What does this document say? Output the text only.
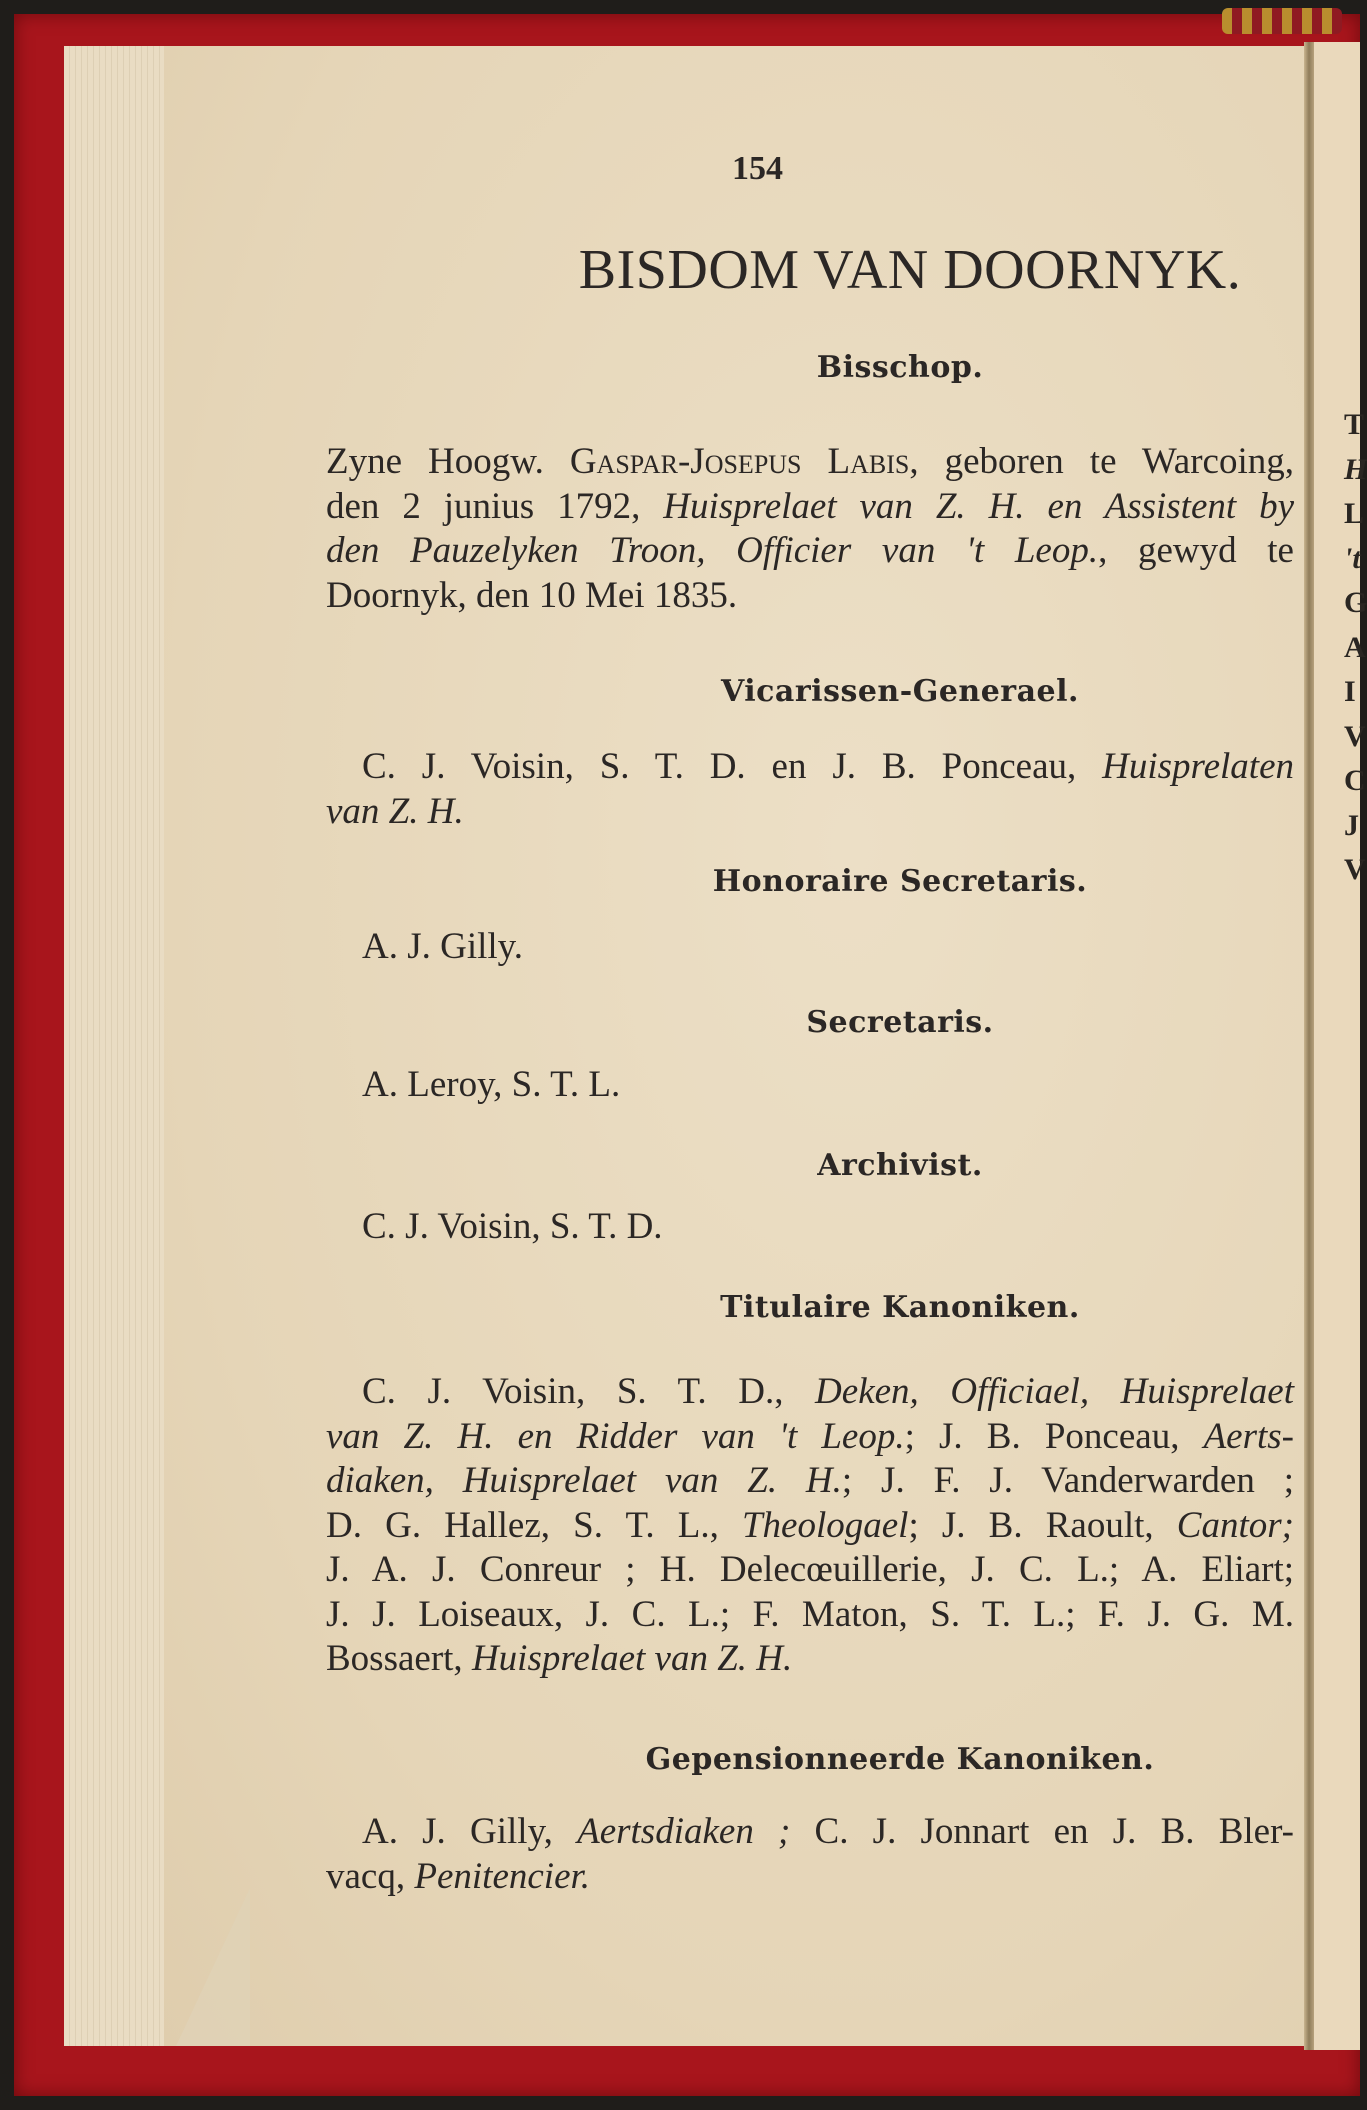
T
H
L
't
G
A
I
V
C
J
V
154
BISDOM VAN DOORNYK.
Bisschop.
Zyne Hoogw. Gaspar-Josepus Labis, geboren te Warcoing,
den 2 junius 1792, Huisprelaet van Z. H. en Assistent by
den Pauzelyken Troon, Officier van 't Leop., gewyd te
Doornyk, den 10 Mei 1835.
Vicarissen-Generael.
C. J. Voisin, S. T. D. en J. B. Ponceau, Huisprelaten
van Z. H.
Honoraire Secretaris.
A. J. Gilly.
Secretaris.
A. Leroy, S. T. L.
Archivist.
C. J. Voisin, S. T. D.
Titulaire Kanoniken.
C. J. Voisin, S. T. D., Deken, Officiael, Huisprelaet
van Z. H. en Ridder van 't Leop.; J. B. Ponceau, Aerts-
diaken, Huisprelaet van Z. H.; J. F. J. Vanderwarden ;
D. G. Hallez, S. T. L., Theologael; J. B. Raoult, Cantor;
J. A. J. Conreur ; H. Delecœuillerie, J. C. L.; A. Eliart;
J. J. Loiseaux, J. C. L.; F. Maton, S. T. L.; F. J. G. M.
Bossaert, Huisprelaet van Z. H.
Gepensionneerde Kanoniken.
A. J. Gilly, Aertsdiaken ; C. J. Jonnart en J. B. Bler-
vacq, Penitencier.
